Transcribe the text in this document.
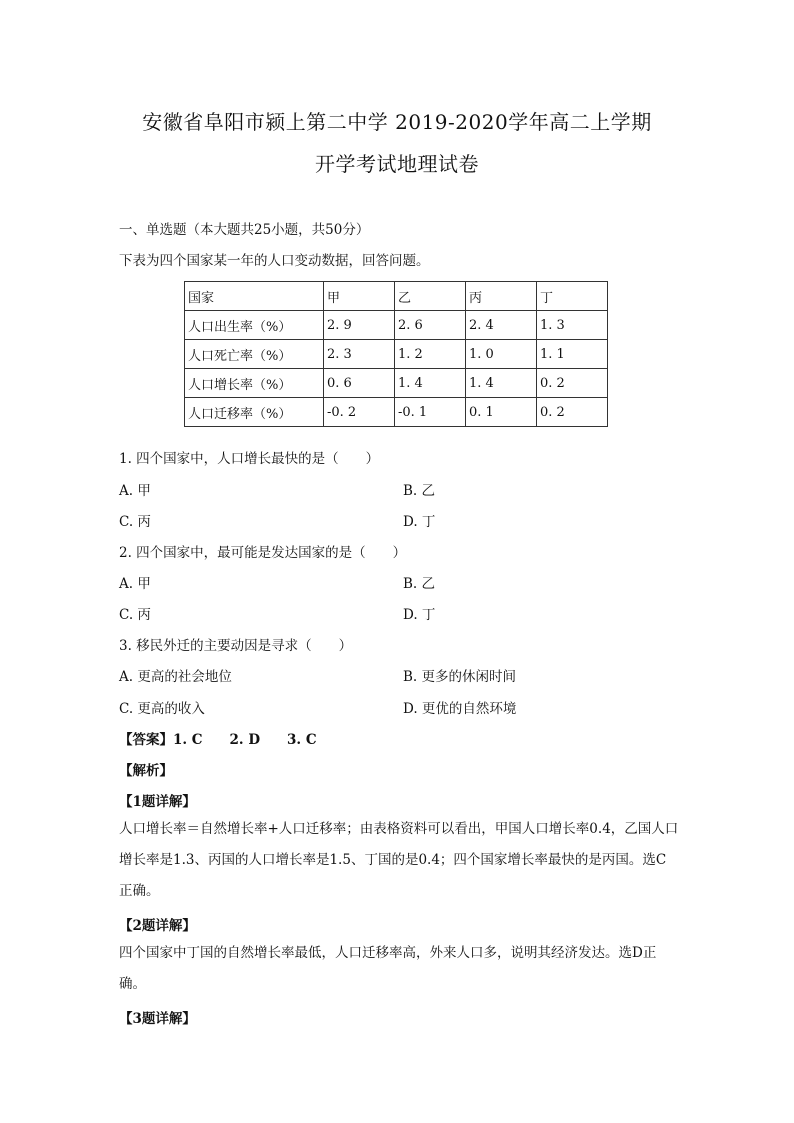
安徽省阜阳市颍上第二中学 2019-2020学年高二上学期
开学考试地理试卷
一、单选题（本大题共25小题，共50分）
下表为四个国家某一年的人口变动数据，回答问题。
国家	甲	乙	丙	丁
人口出生率（%）	2. 9	2. 6	2. 4	1. 3
人口死亡率（%）	2. 3	1. 2	1. 0	1. 1
人口增长率（%）	0. 6	1. 4	1. 4	0. 2
人口迁移率（%）	-0. 2	-0. 1	0. 1	0. 2
1. 四个国家中，人口增长最快的是（　　）
A. 甲	B. 乙
C. 丙	D. 丁
2. 四个国家中，最可能是发达国家的是（　　）
A. 甲	B. 乙
C. 丙	D. 丁
3. 移民外迁的主要动因是寻求（　　）
A. 更高的社会地位	B. 更多的休闲时间
C. 更高的收入	D. 更优的自然环境
【答案】1. C　　2. D　　3. C
【解析】
【1题详解】
人口增长率＝自然增长率+人口迁移率；由表格资料可以看出，甲国人口增长率0.4，乙国人口增长率是1.3、丙国的人口增长率是1.5、丁国的是0.4；四个国家增长率最快的是丙国。选C正确。
【2题详解】
四个国家中丁国的自然增长率最低，人口迁移率高，外来人口多，说明其经济发达。选D正确。
【3题详解】
